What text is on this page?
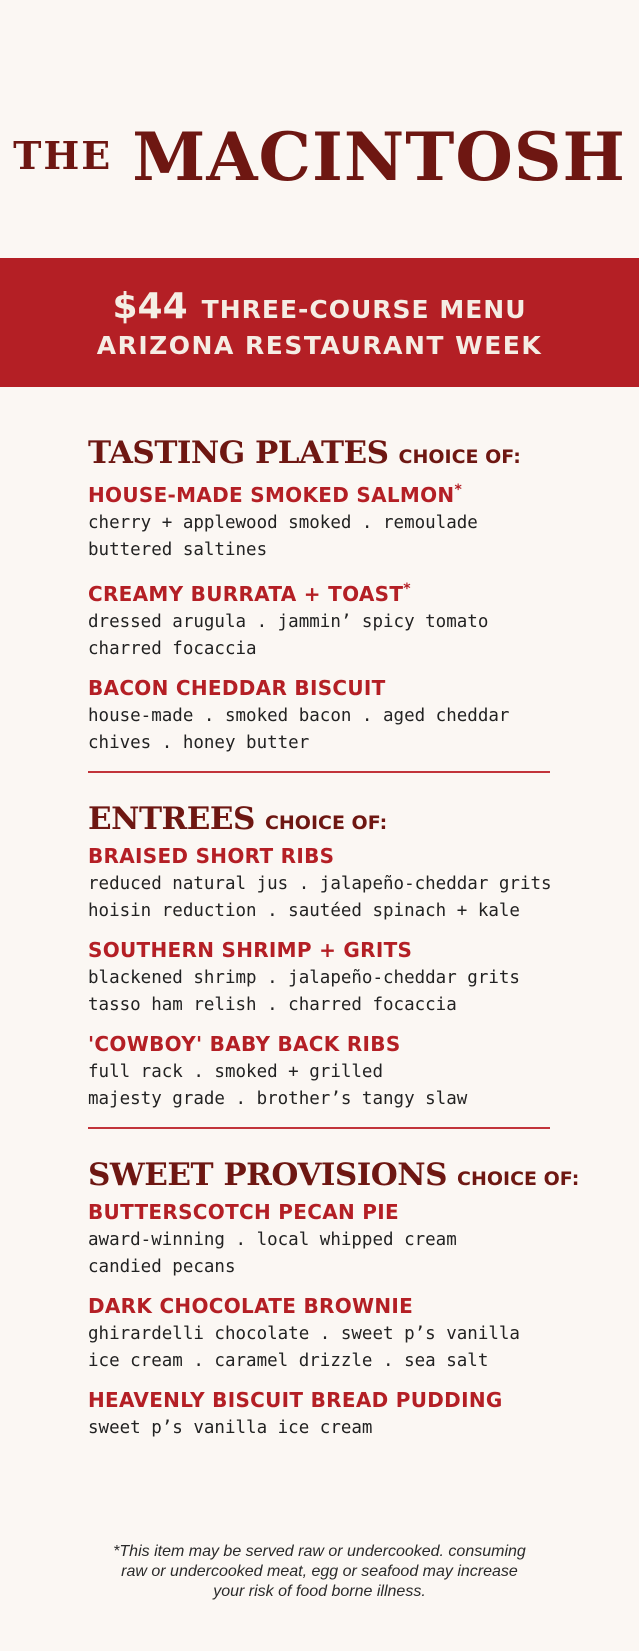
THE MACINTOSH
$44 THREE-COURSE MENU
ARIZONA RESTAURANT WEEK
TASTING PLATES CHOICE OF:
HOUSE-MADE SMOKED SALMON*
cherry + applewood smoked . remoulade
buttered saltines
CREAMY BURRATA + TOAST*
dressed arugula . jammin’ spicy tomato
charred focaccia
BACON CHEDDAR BISCUIT
house-made . smoked bacon . aged cheddar
chives . honey butter
ENTREES CHOICE OF:
BRAISED SHORT RIBS
reduced natural jus . jalapeño-cheddar grits
hoisin reduction . sautéed spinach + kale
SOUTHERN SHRIMP + GRITS
blackened shrimp . jalapeño-cheddar grits
tasso ham relish . charred focaccia
'COWBOY' BABY BACK RIBS
full rack . smoked + grilled
majesty grade . brother’s tangy slaw
SWEET PROVISIONS CHOICE OF:
BUTTERSCOTCH PECAN PIE
award-winning . local whipped cream
candied pecans
DARK CHOCOLATE BROWNIE
ghirardelli chocolate . sweet p’s vanilla
ice cream . caramel drizzle . sea salt
HEAVENLY BISCUIT BREAD PUDDING
sweet p’s vanilla ice cream
*This item may be served raw or undercooked. consuming
raw or undercooked meat, egg or seafood may increase
your risk of food borne illness.
